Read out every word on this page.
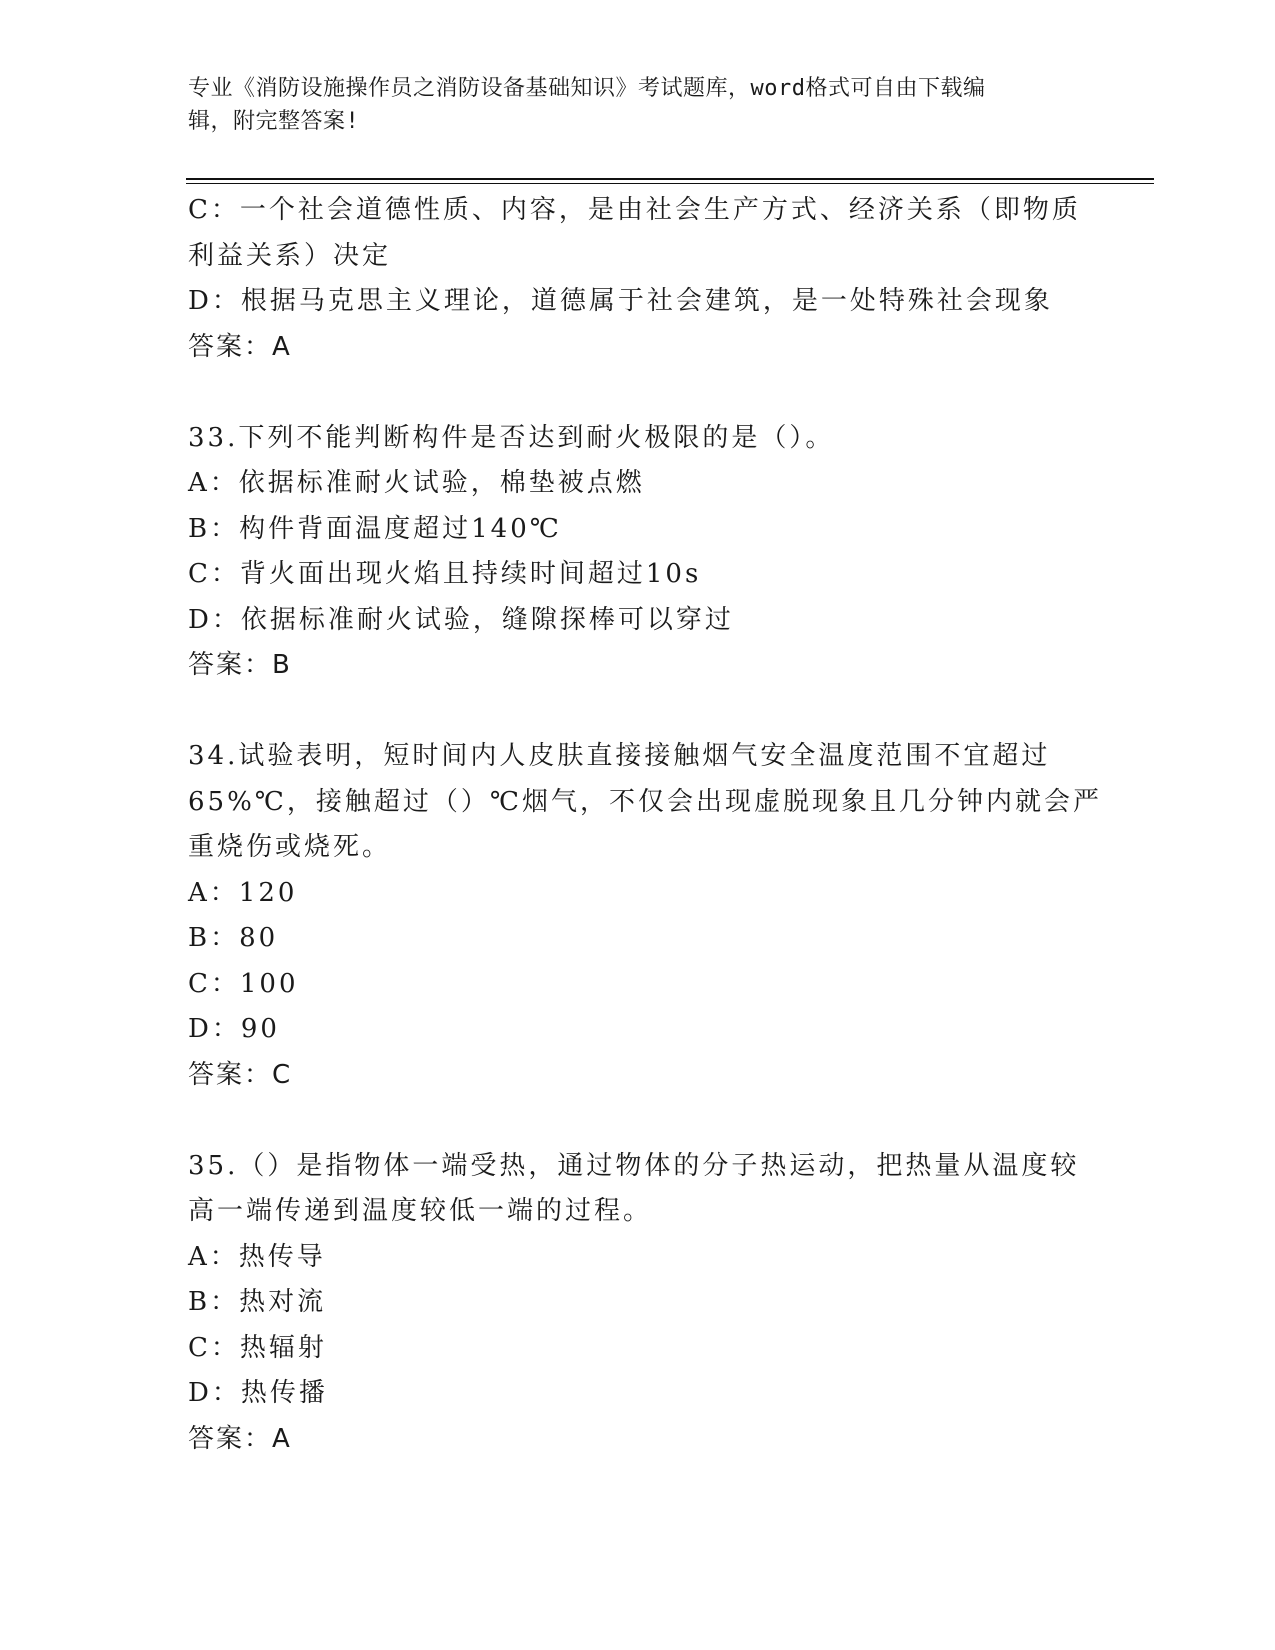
专业《消防设施操作员之消防设备基础知识》考试题库，word格式可自由下载编
辑，附完整答案!
C：一个社会道德性质、内容，是由社会生产方式、经济关系（即物质
利益关系）决定
D：根据马克思主义理论，道德属于社会建筑，是一处特殊社会现象
答案：A
33.下列不能判断构件是否达到耐火极限的是（）。
A：依据标准耐火试验，棉垫被点燃
B：构件背面温度超过140℃
C：背火面出现火焰且持续时间超过10s
D：依据标准耐火试验，缝隙探棒可以穿过
答案：B
34.试验表明，短时间内人皮肤直接接触烟气安全温度范围不宜超过
65%℃，接触超过（）℃烟气，不仅会出现虚脱现象且几分钟内就会严
重烧伤或烧死。
A：120
B：80
C：100
D：90
答案：C
35.（）是指物体一端受热，通过物体的分子热运动，把热量从温度较
高一端传递到温度较低一端的过程。
A：热传导
B：热对流
C：热辐射
D：热传播
答案：A
